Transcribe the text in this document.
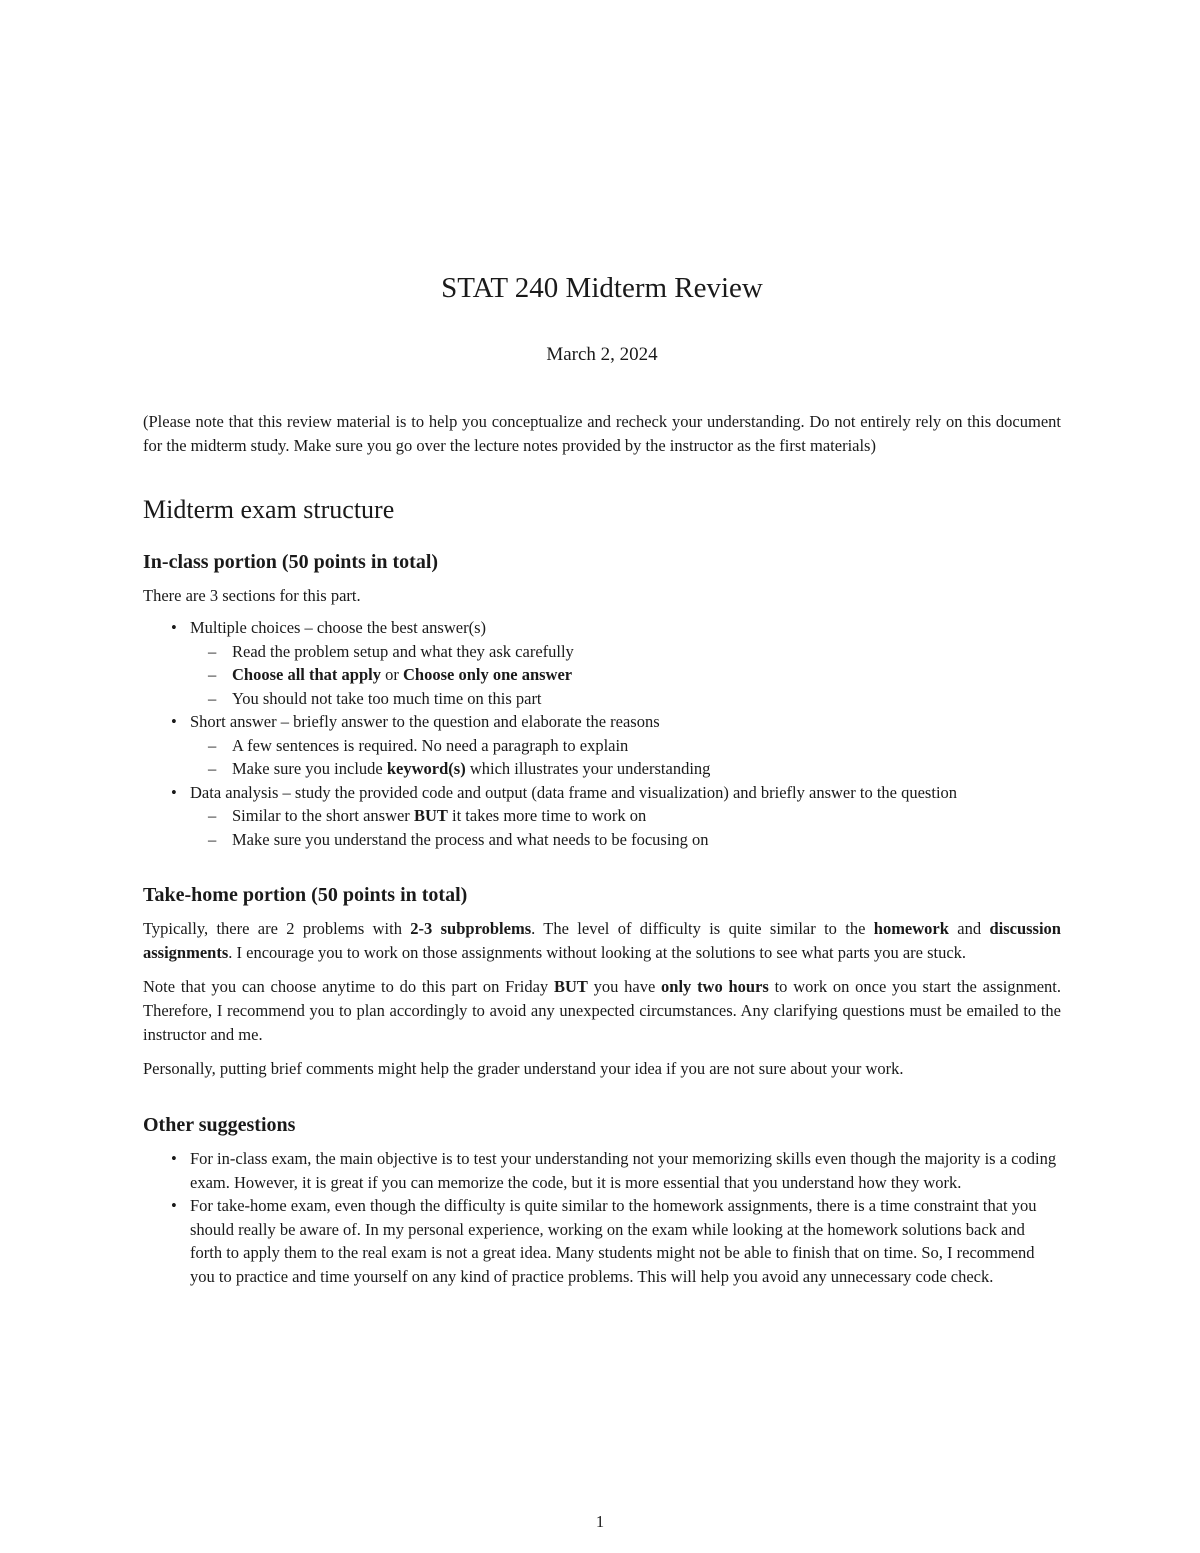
STAT 240 Midterm Review
March 2, 2024

(Please note that this review material is to help you conceptualize and recheck your understanding. Do not entirely rely on this document for the midterm study. Make sure you go over the lecture notes provided by the instructor as the first materials)

Midterm exam structure
In-class portion (50 points in total)

There are 3 sections for this part.

• Multiple choices – choose the best answer(s)
– Read the problem setup and what they ask carefully
– Choose all that apply or Choose only one answer
– You should not take too much time on this part
• Short answer – briefly answer to the question and elaborate the reasons
– A few sentences is required. No need a paragraph to explain
– Make sure you include keyword(s) which illustrates your understanding
• Data analysis – study the provided code and output (data frame and visualization) and briefly answer to the question
– Similar to the short answer BUT it takes more time to work on
– Make sure you understand the process and what needs to be focusing on
Take-home portion (50 points in total)

Typically, there are 2 problems with 2-3 subproblems. The level of difficulty is quite similar to the homework and discussion assignments. I encourage you to work on those assignments without looking at the solutions to see what parts you are stuck.

Note that you can choose anytime to do this part on Friday BUT you have only two hours to work on once you start the assignment. Therefore, I recommend you to plan accordingly to avoid any unexpected circumstances. Any clarifying questions must be emailed to the instructor and me.

Personally, putting brief comments might help the grader understand your idea if you are not sure about your work.

Other suggestions
• For in-class exam, the main objective is to test your understanding not your memorizing skills even though the majority is a coding exam. However, it is great if you can memorize the code, but it is more essential that you understand how they work.
• For take-home exam, even though the difficulty is quite similar to the homework assignments, there is a time constraint that you should really be aware of. In my personal experience, working on the exam while looking at the homework solutions back and forth to apply them to the real exam is not a great idea. Many students might not be able to finish that on time. So, I recommend you to practice and time yourself on any kind of practice problems. This will help you avoid any unnecessary code check.
1
